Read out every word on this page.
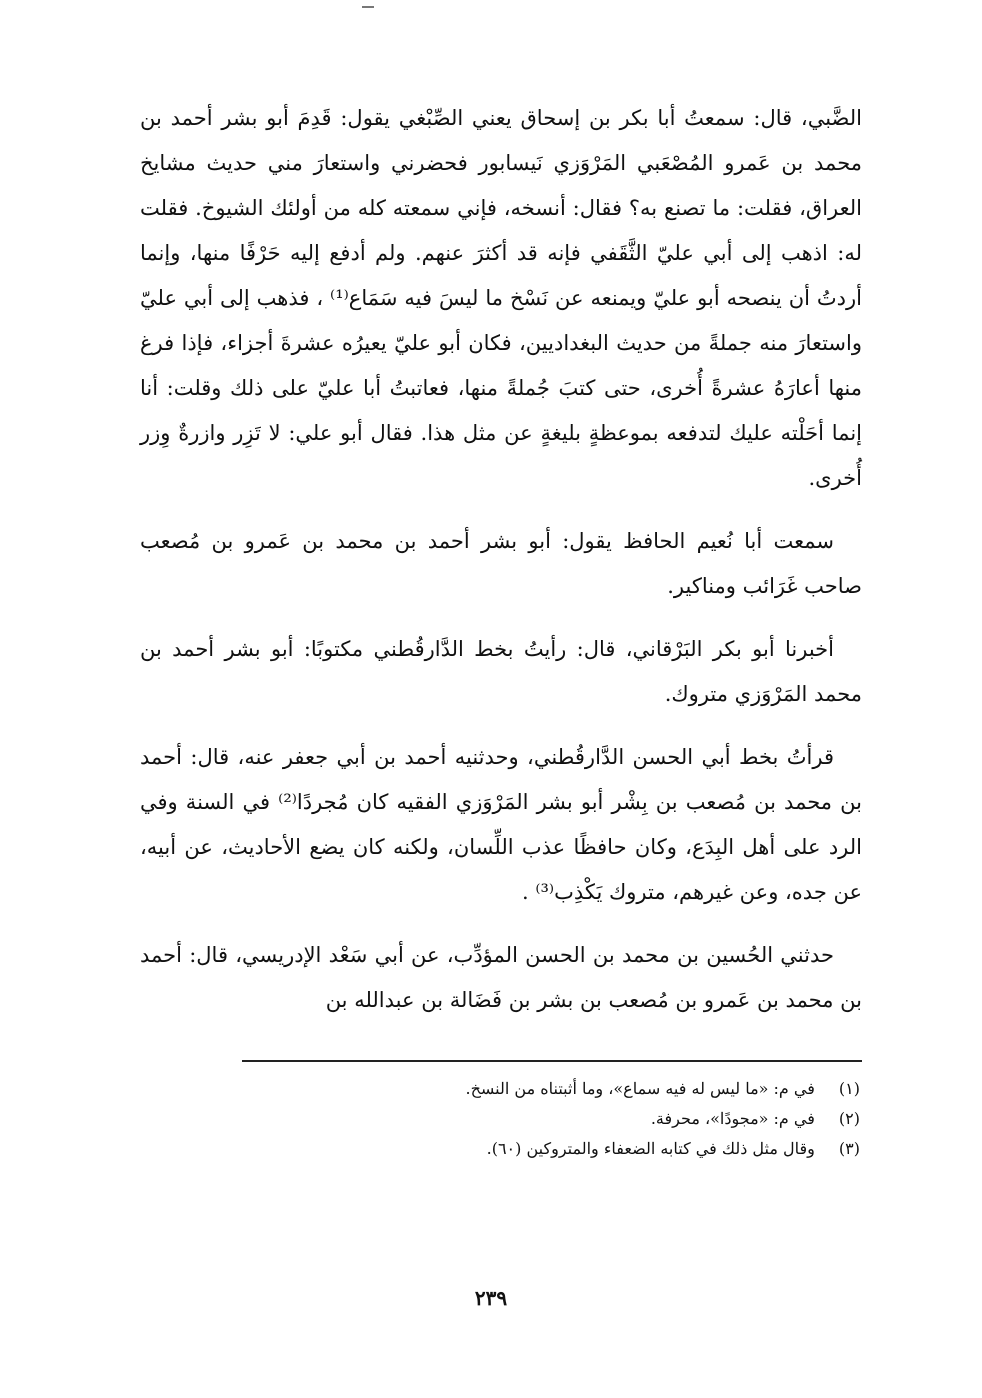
الضَّبي، قال: سمعتُ أبا بكر بن إسحاق يعني الصِّبْغي يقول: قَدِمَ أبو بشر أحمد بن محمد بن عَمرو المُصْعَبي المَرْوَزي نَيسابور فحضرني واستعارَ مني حديث مشايخ العراق، فقلت: ما تصنع به؟ فقال: أنسخه، فإني سمعته كله من أولئك الشيوخ. فقلت له: اذهب إلى أبي عليّ الثَّقَفي فإنه قد أكثرَ عنهم. ولم أدفع إليه حَرْفًا منها، وإنما أردتُ أن ينصحه أبو عليّ ويمنعه عن نَسْخ ما ليسَ فيه سَمَاع⁽¹⁾ ، فذهب إلى أبي عليّ واستعارَ منه جملةً من حديث البغداديين، فكان أبو عليّ يعيرُه عشرةَ أجزاء، فإذا فرغ منها أعارَهُ عشرةً أُخرى، حتى كتبَ جُملةً منها، فعاتبتُ أبا عليّ على ذلك وقلت: أنا إنما أحَلْته عليك لتدفعه بموعظةٍ بليغةٍ عن مثل هذا. فقال أبو علي: لا تَزِر وازرةٌ وِزر أُخرى.

سمعت أبا نُعيم الحافظ يقول: أبو بشر أحمد بن محمد بن عَمرو بن مُصعب صاحب غَرَائب ومناكير.

أخبرنا أبو بكر البَرْقاني، قال: رأيتُ بخط الدَّارقُطني مكتوبًا: أبو بشر أحمد بن محمد المَرْوَزي متروك.

قرأتُ بخط أبي الحسن الدَّارقُطني، وحدثنيه أحمد بن أبي جعفر عنه، قال: أحمد بن محمد بن مُصعب بن بِشْر أبو بشر المَرْوَزي الفقيه كان مُجردًا⁽²⁾ في السنة وفي الرد على أهل البِدَع، وكان حافظًا عذب اللِّسان، ولكنه كان يضع الأحاديث، عن أبيه، عن جده، وعن غيرهم، متروك يَكْذِب⁽³⁾ .

حدثني الحُسين بن محمد بن الحسن المؤدِّب، عن أبي سَعْد الإدريسي، قال: أحمد بن محمد بن عَمرو بن مُصعب بن بشر بن فَضَالة بن عبدالله بن

(١) في م: «ما ليس له فيه سماع»، وما أثبتناه من النسخ.

(٢) في م: «مجودًا»، محرفة.

(٣) وقال مثل ذلك في كتابه الضعفاء والمتروكين (٦٠).

٢٣٩
